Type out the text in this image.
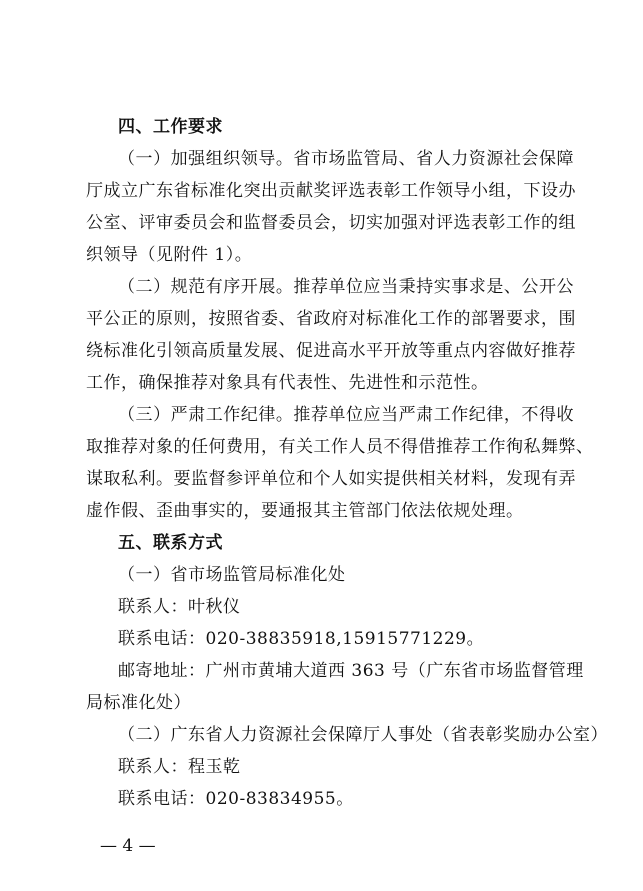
四、工作要求
（一）加强组织领导。省市场监管局、省人力资源社会保障
厅成立广东省标准化突出贡献奖评选表彰工作领导小组，下设办
公室、评审委员会和监督委员会，切实加强对评选表彰工作的组
织领导（见附件 1）。
（二）规范有序开展。推荐单位应当秉持实事求是、公开公
平公正的原则，按照省委、省政府对标准化工作的部署要求，围
绕标准化引领高质量发展、促进高水平开放等重点内容做好推荐
工作，确保推荐对象具有代表性、先进性和示范性。
（三）严肃工作纪律。推荐单位应当严肃工作纪律，不得收
取推荐对象的任何费用，有关工作人员不得借推荐工作徇私舞弊、
谋取私利。要监督参评单位和个人如实提供相关材料，发现有弄
虚作假、歪曲事实的，要通报其主管部门依法依规处理。
五、联系方式
（一）省市场监管局标准化处
联系人：叶秋仪
联系电话：020-38835918,15915771229。
邮寄地址：广州市黄埔大道西 363 号（广东省市场监督管理
局标准化处）
（二）广东省人力资源社会保障厅人事处（省表彰奖励办公室）
联系人：程玉乾
联系电话：020-83834955。
— 4 —
